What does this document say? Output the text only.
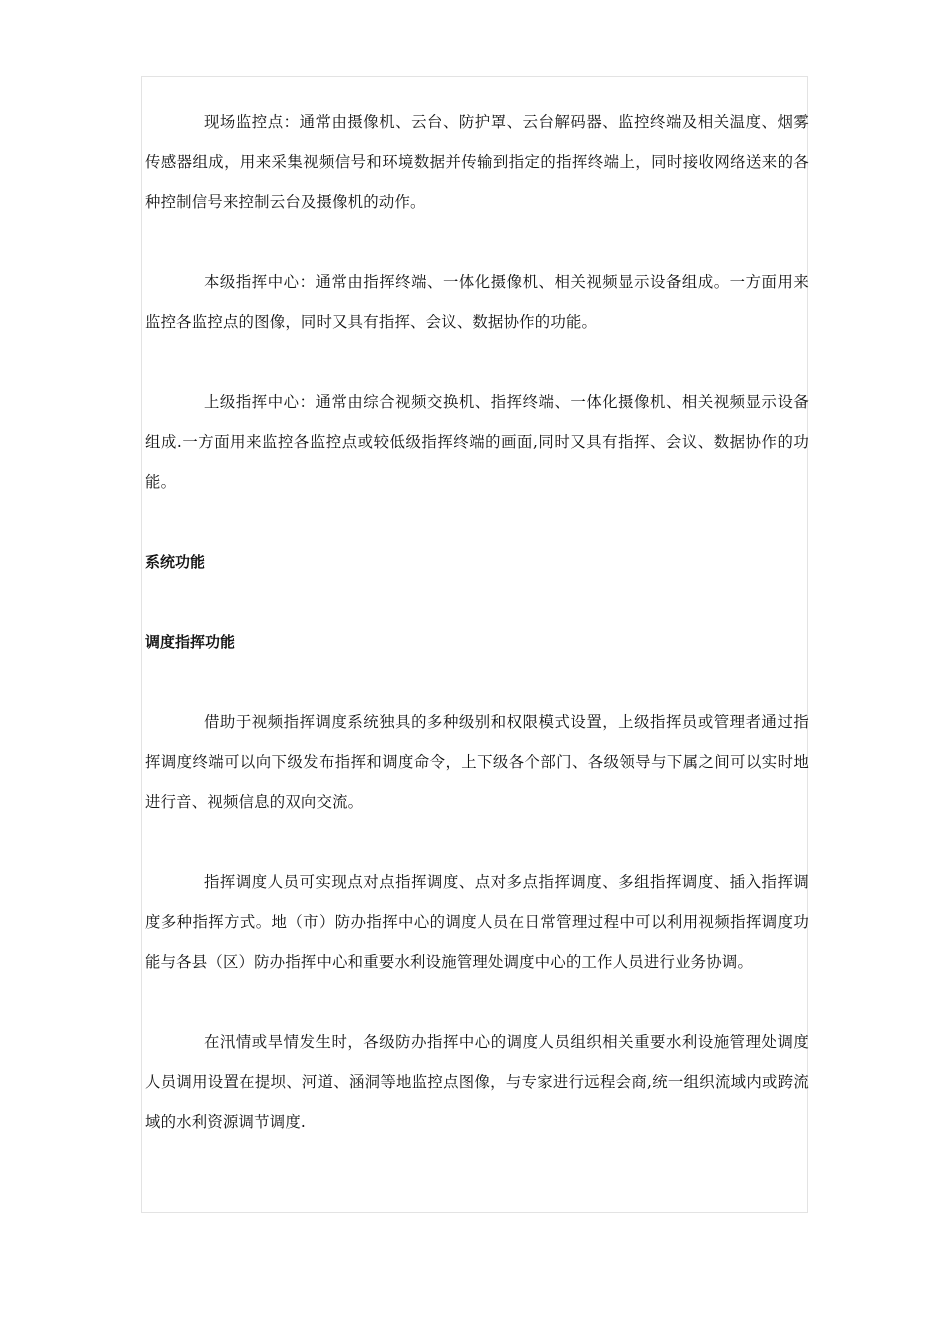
现场监控点：通常由摄像机、云台、防护罩、云台解码器、监控终端及相关温度、烟雾传感器组成，用来采集视频信号和环境数据并传输到指定的指挥终端上，同时接收网络送来的各种控制信号来控制云台及摄像机的动作。

本级指挥中心：通常由指挥终端、一体化摄像机、相关视频显示设备组成。一方面用来监控各监控点的图像，同时又具有指挥、会议、数据协作的功能。

上级指挥中心：通常由综合视频交换机、指挥终端、一体化摄像机、相关视频显示设备组成.一方面用来监控各监控点或较低级指挥终端的画面,同时又具有指挥、会议、数据协作的功能。

系统功能

调度指挥功能

借助于视频指挥调度系统独具的多种级别和权限模式设置，上级指挥员或管理者通过指挥调度终端可以向下级发布指挥和调度命令，上下级各个部门、各级领导与下属之间可以实时地进行音、视频信息的双向交流。

指挥调度人员可实现点对点指挥调度、点对多点指挥调度、多组指挥调度、插入指挥调度多种指挥方式。地（市）防办指挥中心的调度人员在日常管理过程中可以利用视频指挥调度功能与各县（区）防办指挥中心和重要水利设施管理处调度中心的工作人员进行业务协调。

在汛情或旱情发生时，各级防办指挥中心的调度人员组织相关重要水利设施管理处调度人员调用设置在提坝、河道、涵洞等地监控点图像，与专家进行远程会商,统一组织流域内或跨流域的水利资源调节调度.
